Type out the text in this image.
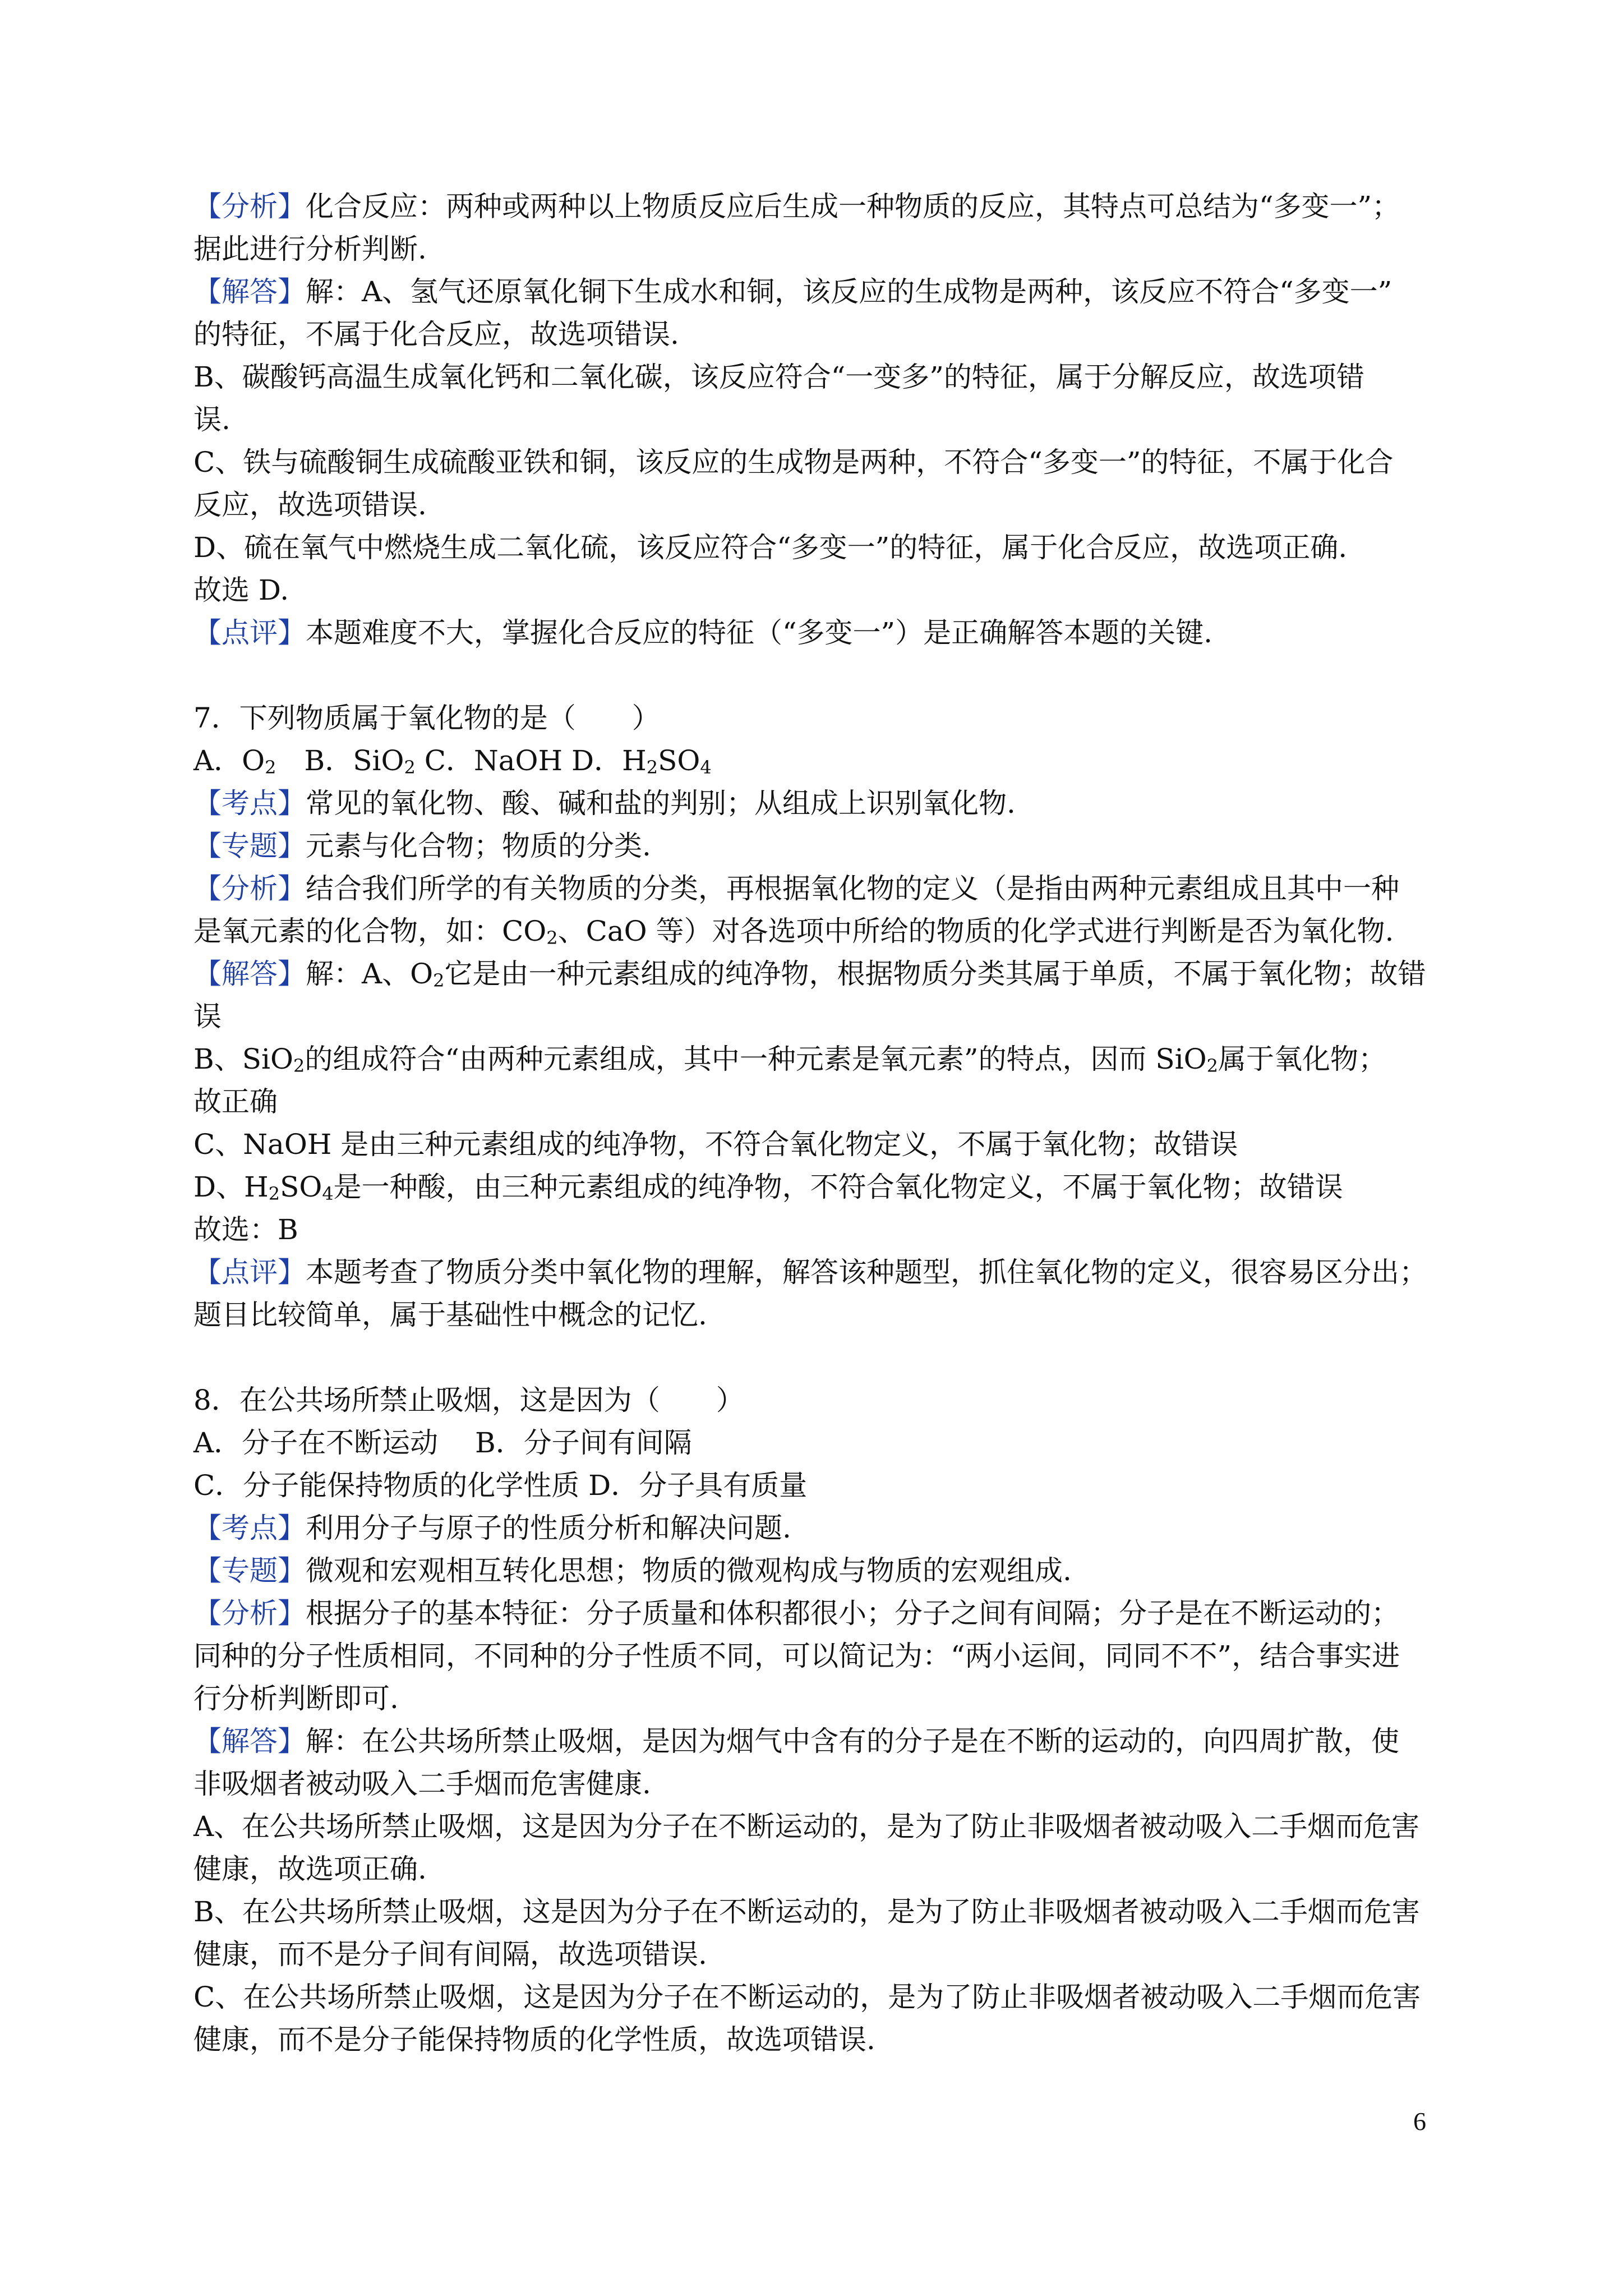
【分析】化合反应：两种或两种以上物质反应后生成一种物质的反应，其特点可总结为“多变一”；
据此进行分析判断.
【解答】解：A、氢气还原氧化铜下生成水和铜，该反应的生成物是两种，该反应不符合“多变一”
的特征，不属于化合反应，故选项错误.
B、碳酸钙高温生成氧化钙和二氧化碳，该反应符合“一变多”的特征，属于分解反应，故选项错
误.
C、铁与硫酸铜生成硫酸亚铁和铜，该反应的生成物是两种，不符合“多变一”的特征，不属于化合
反应，故选项错误.
D、硫在氧气中燃烧生成二氧化硫，该反应符合“多变一”的特征，属于化合反应，故选项正确.
故选 D.
【点评】本题难度不大，掌握化合反应的特征（“多变一”）是正确解答本题的关键.
7．下列物质属于氧化物的是（　　）
A．$O_2$　B．SiO$_2$ C．NaOH D．$H_2SO_4$
【考点】常见的氧化物、酸、碱和盐的判别；从组成上识别氧化物.
【专题】元素与化合物；物质的分类.
【分析】结合我们所学的有关物质的分类，再根据氧化物的定义（是指由两种元素组成且其中一种
是氧元素的化合物，如：$CO_2$、CaO 等）对各选项中所给的物质的化学式进行判断是否为氧化物.
【解答】解：A、$O_2$它是由一种元素组成的纯净物，根据物质分类其属于单质，不属于氧化物；故错
误
B、SiO$_2$的组成符合“由两种元素组成，其中一种元素是氧元素”的特点，因而 SiO$_2$属于氧化物；
故正确
C、NaOH 是由三种元素组成的纯净物，不符合氧化物定义，不属于氧化物；故错误
D、$H_2SO_4$是一种酸，由三种元素组成的纯净物，不符合氧化物定义，不属于氧化物；故错误
故选：B
【点评】本题考查了物质分类中氧化物的理解，解答该种题型，抓住氧化物的定义，很容易区分出；
题目比较简单，属于基础性中概念的记忆.
8．在公共场所禁止吸烟，这是因为（　　）
A．分子在不断运动　 B．分子间有间隔
C．分子能保持物质的化学性质 D．分子具有质量
【考点】利用分子与原子的性质分析和解决问题.
【专题】微观和宏观相互转化思想；物质的微观构成与物质的宏观组成.
【分析】根据分子的基本特征：分子质量和体积都很小；分子之间有间隔；分子是在不断运动的；
同种的分子性质相同，不同种的分子性质不同，可以简记为：“两小运间，同同不不”，结合事实进
行分析判断即可.
【解答】解：在公共场所禁止吸烟，是因为烟气中含有的分子是在不断的运动的，向四周扩散，使
非吸烟者被动吸入二手烟而危害健康.
A、在公共场所禁止吸烟，这是因为分子在不断运动的，是为了防止非吸烟者被动吸入二手烟而危害
健康，故选项正确.
B、在公共场所禁止吸烟，这是因为分子在不断运动的，是为了防止非吸烟者被动吸入二手烟而危害
健康，而不是分子间有间隔，故选项错误.
C、在公共场所禁止吸烟，这是因为分子在不断运动的，是为了防止非吸烟者被动吸入二手烟而危害
健康，而不是分子能保持物质的化学性质，故选项错误.
6
